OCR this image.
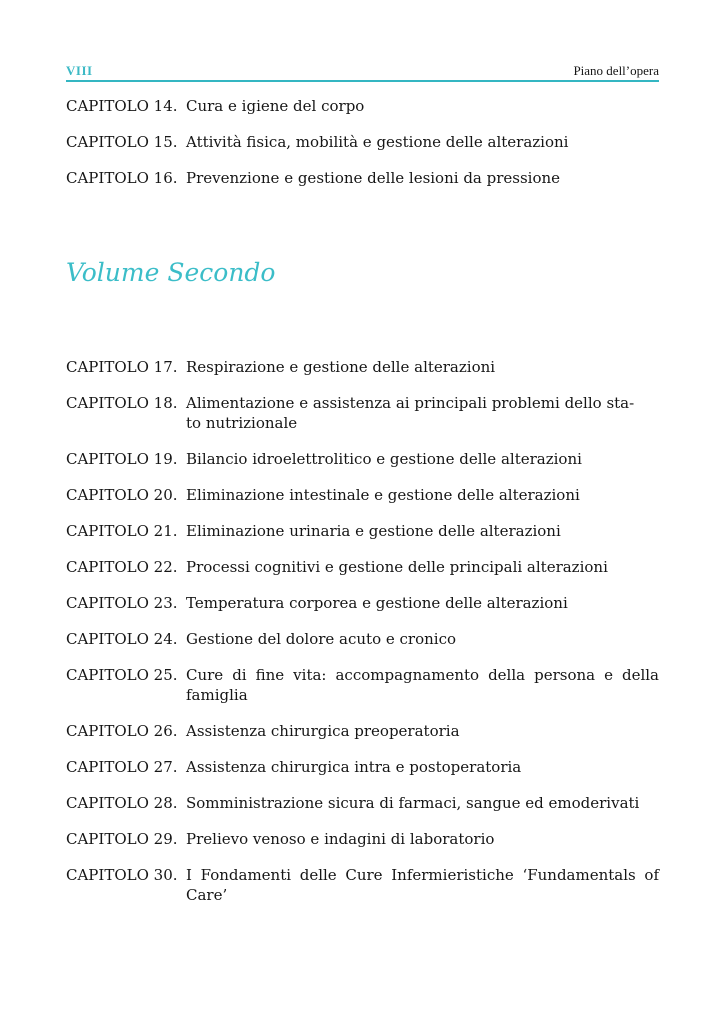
VIII	Piano dell’opera
CAPITOLO 14. Cura e igiene del corpo
CAPITOLO 15. Attività fisica, mobilità e gestione delle alterazioni
CAPITOLO 16. Prevenzione e gestione delle lesioni da pressione
Volume Secondo
CAPITOLO 17. Respirazione e gestione delle alterazioni
CAPITOLO 18. Alimentazione e assistenza ai principali problemi dello sta-
to nutrizionale
CAPITOLO 19. Bilancio idroelettrolitico e gestione delle alterazioni
CAPITOLO 20. Eliminazione intestinale e gestione delle alterazioni
CAPITOLO 21. Eliminazione urinaria e gestione delle alterazioni
CAPITOLO 22. Processi cognitivi e gestione delle principali alterazioni
CAPITOLO 23. Temperatura corporea e gestione delle alterazioni
CAPITOLO 24. Gestione del dolore acuto e cronico
CAPITOLO 25. Cure di fine vita: accompagnamento della persona e della famiglia
CAPITOLO 26. Assistenza chirurgica preoperatoria
CAPITOLO 27. Assistenza chirurgica intra e postoperatoria
CAPITOLO 28. Somministrazione sicura di farmaci, sangue ed emoderivati
CAPITOLO 29. Prelievo venoso e indagini di laboratorio
CAPITOLO 30. I Fondamenti delle Cure Infermieristiche ‘Fundamentals of Care’
